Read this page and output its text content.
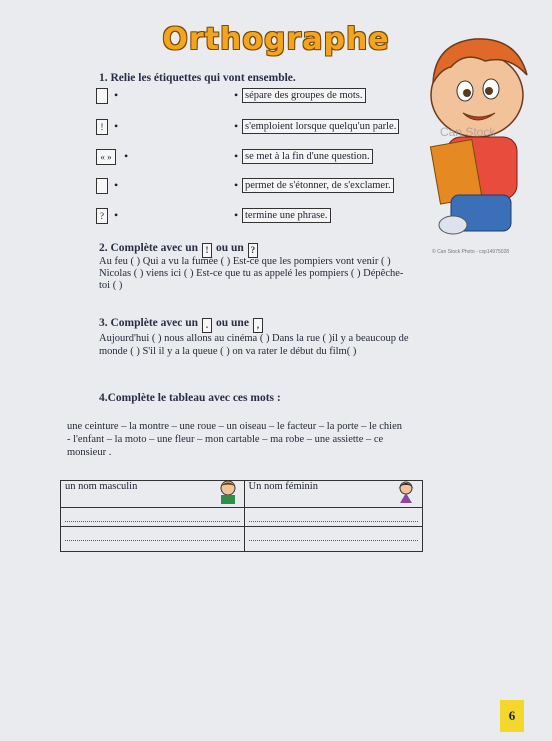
Orthographe
1. Relie les étiquettes qui vont ensemble.
•	• sépare des groupes de mots.
! •	• s'emploient lorsque quelqu'un parle.
« »	•	• se met à la fin d'une question.
•	• permet de s'étonner, de s'exclamer.
? •	• termine une phrase.
Can Stock
© Can Stock Photo - csp14975028
2. Complète avec un ! ou un ?
Au feu ( ) Qui a vu la fumée ( ) Est-ce que les pompiers vont venir ( )
Nicolas ( ) viens ici ( ) Est-ce que tu as appelé les pompiers ( ) Dépêche-
toi ( )
3. Complète avec un . ou une ,
Aujourd'hui ( ) nous allons au cinéma ( ) Dans la rue ( )il y a beaucoup de
monde ( ) S'il il y a la queue ( ) on va rater le début du film( )
4.Complète le tableau avec ces mots :
une ceinture – la montre – une roue – un oiseau – le facteur – la porte – le chien
- l'enfant – la moto – une fleur – mon cartable – ma robe – une assiette – ce
monsieur .
un nom masculin	Un nom féminin

6
